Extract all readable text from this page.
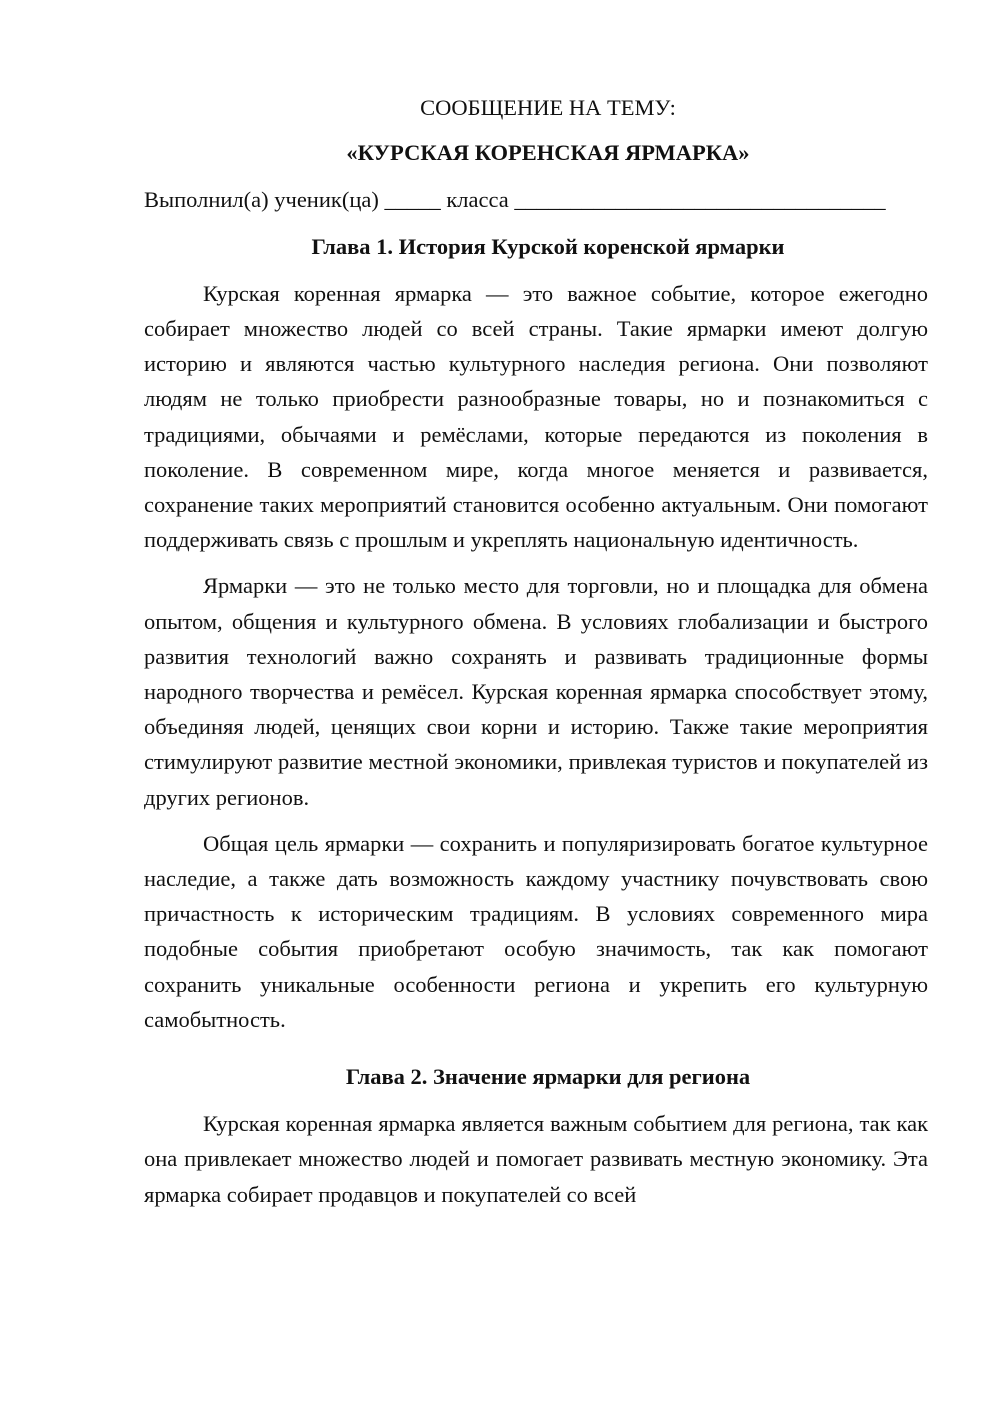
СООБЩЕНИЕ НА ТЕМУ:

«КУРСКАЯ КОРЕНСКАЯ ЯРМАРКА»

Выполнил(а) ученик(ца) _____ класса _________________________________

Глава 1. История Курской коренской ярмарки

Курская коренная ярмарка — это важное событие, которое ежегодно собирает множество людей со всей страны. Такие ярмарки имеют долгую историю и являются частью культурного наследия региона. Они позволяют людям не только приобрести разнообразные товары, но и познакомиться с традициями, обычаями и ремёслами, которые передаются из поколения в поколение. В современном мире, когда многое меняется и развивается, сохранение таких мероприятий становится особенно актуальным. Они помогают поддерживать связь с прошлым и укреплять национальную идентичность.

Ярмарки — это не только место для торговли, но и площадка для обмена опытом, общения и культурного обмена. В условиях глобализации и быстрого развития технологий важно сохранять и развивать традиционные формы народного творчества и ремёсел. Курская коренная ярмарка способствует этому, объединяя людей, ценящих свои корни и историю. Также такие мероприятия стимулируют развитие местной экономики, привлекая туристов и покупателей из других регионов.

Общая цель ярмарки — сохранить и популяризировать богатое культурное наследие, а также дать возможность каждому участнику почувствовать свою причастность к историческим традициям. В условиях современного мира подобные события приобретают особую значимость, так как помогают сохранить уникальные особенности региона и укрепить его культурную самобытность.

Глава 2. Значение ярмарки для региона

Курская коренная ярмарка является важным событием для региона, так как она привлекает множество людей и помогает развивать местную экономику. Эта ярмарка собирает продавцов и покупателей со всей
